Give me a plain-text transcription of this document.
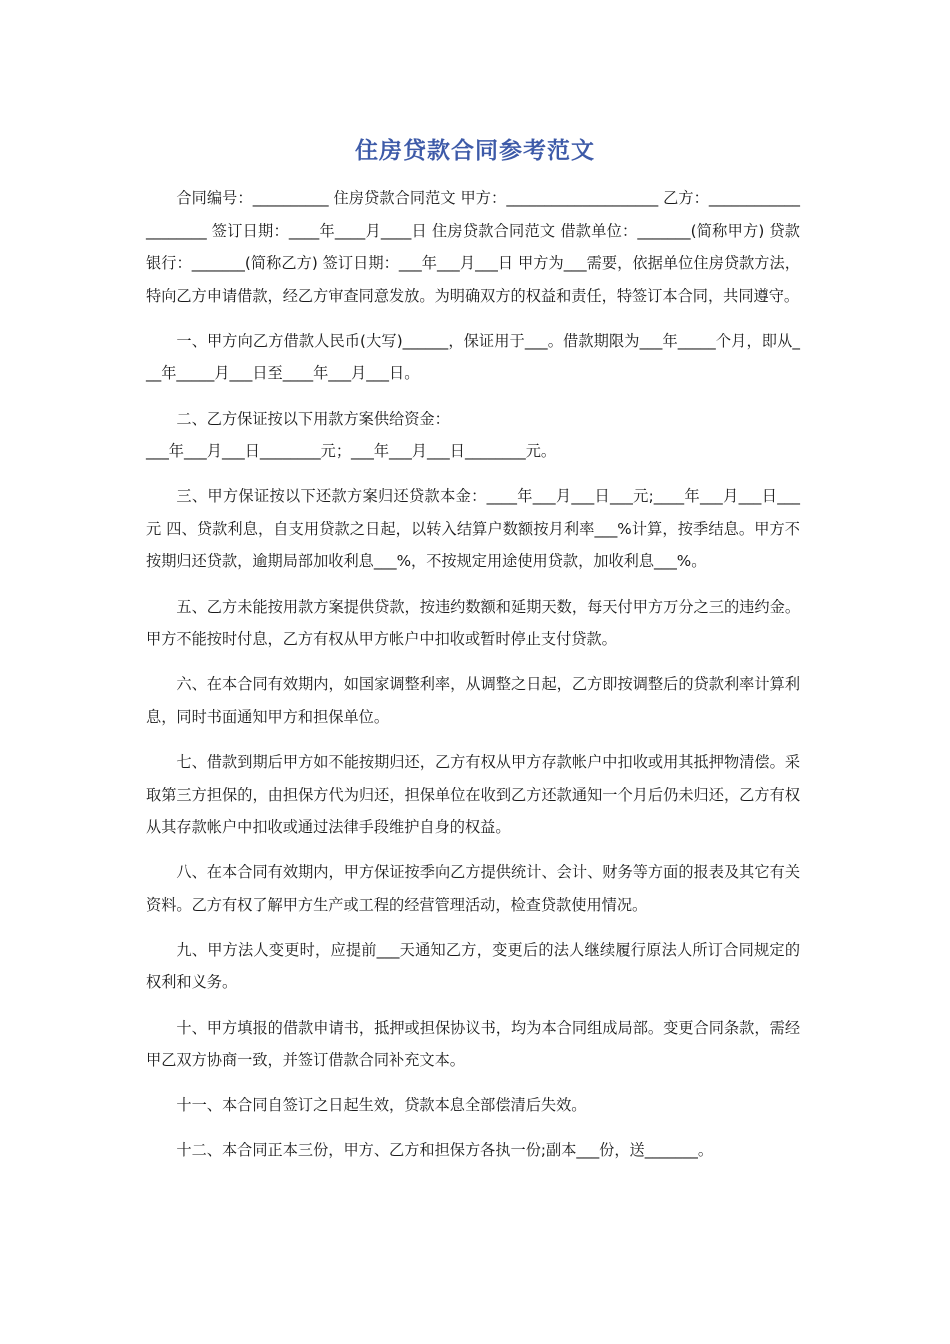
住房贷款合同参考范文

合同编号：__________ 住房贷款合同范文 甲方：____________________ 乙方：____________________ 签订日期：____年____月____日 住房贷款合同范文 借款单位：_______(简称甲方) 贷款银行：_______(简称乙方) 签订日期：___年___月___日 甲方为___需要，依据单位住房贷款方法，特向乙方申请借款，经乙方审查同意发放。为明确双方的权益和责任，特签订本合同，共同遵守。

一、甲方向乙方借款人民币(大写)______，保证用于___。借款期限为___年_____个月，即从___年_____月___日至____年___月___日。

二、乙方保证按以下用款方案供给资金：
___年___月___日________元；___年___月___日________元。

三、甲方保证按以下还款方案归还贷款本金：____年___月___日___元;____年___月___日___元 四、贷款利息，自支用贷款之日起，以转入结算户数额按月利率___%计算，按季结息。甲方不按期归还贷款，逾期局部加收利息___%，不按规定用途使用贷款，加收利息___%。

五、乙方未能按用款方案提供贷款，按违约数额和延期天数，每天付甲方万分之三的违约金。甲方不能按时付息，乙方有权从甲方帐户中扣收或暂时停止支付贷款。

六、在本合同有效期内，如国家调整利率，从调整之日起，乙方即按调整后的贷款利率计算利息，同时书面通知甲方和担保单位。

七、借款到期后甲方如不能按期归还，乙方有权从甲方存款帐户中扣收或用其抵押物清偿。采取第三方担保的，由担保方代为归还，担保单位在收到乙方还款通知一个月后仍未归还，乙方有权从其存款帐户中扣收或通过法律手段维护自身的权益。

八、在本合同有效期内，甲方保证按季向乙方提供统计、会计、财务等方面的报表及其它有关资料。乙方有权了解甲方生产或工程的经营管理活动，检查贷款使用情况。

九、甲方法人变更时，应提前___天通知乙方，变更后的法人继续履行原法人所订合同规定的权利和义务。

十、甲方填报的借款申请书，抵押或担保协议书，均为本合同组成局部。变更合同条款，需经甲乙双方协商一致，并签订借款合同补充文本。

十一、本合同自签订之日起生效，贷款本息全部偿清后失效。

十二、本合同正本三份，甲方、乙方和担保方各执一份;副本___份，送_______。
